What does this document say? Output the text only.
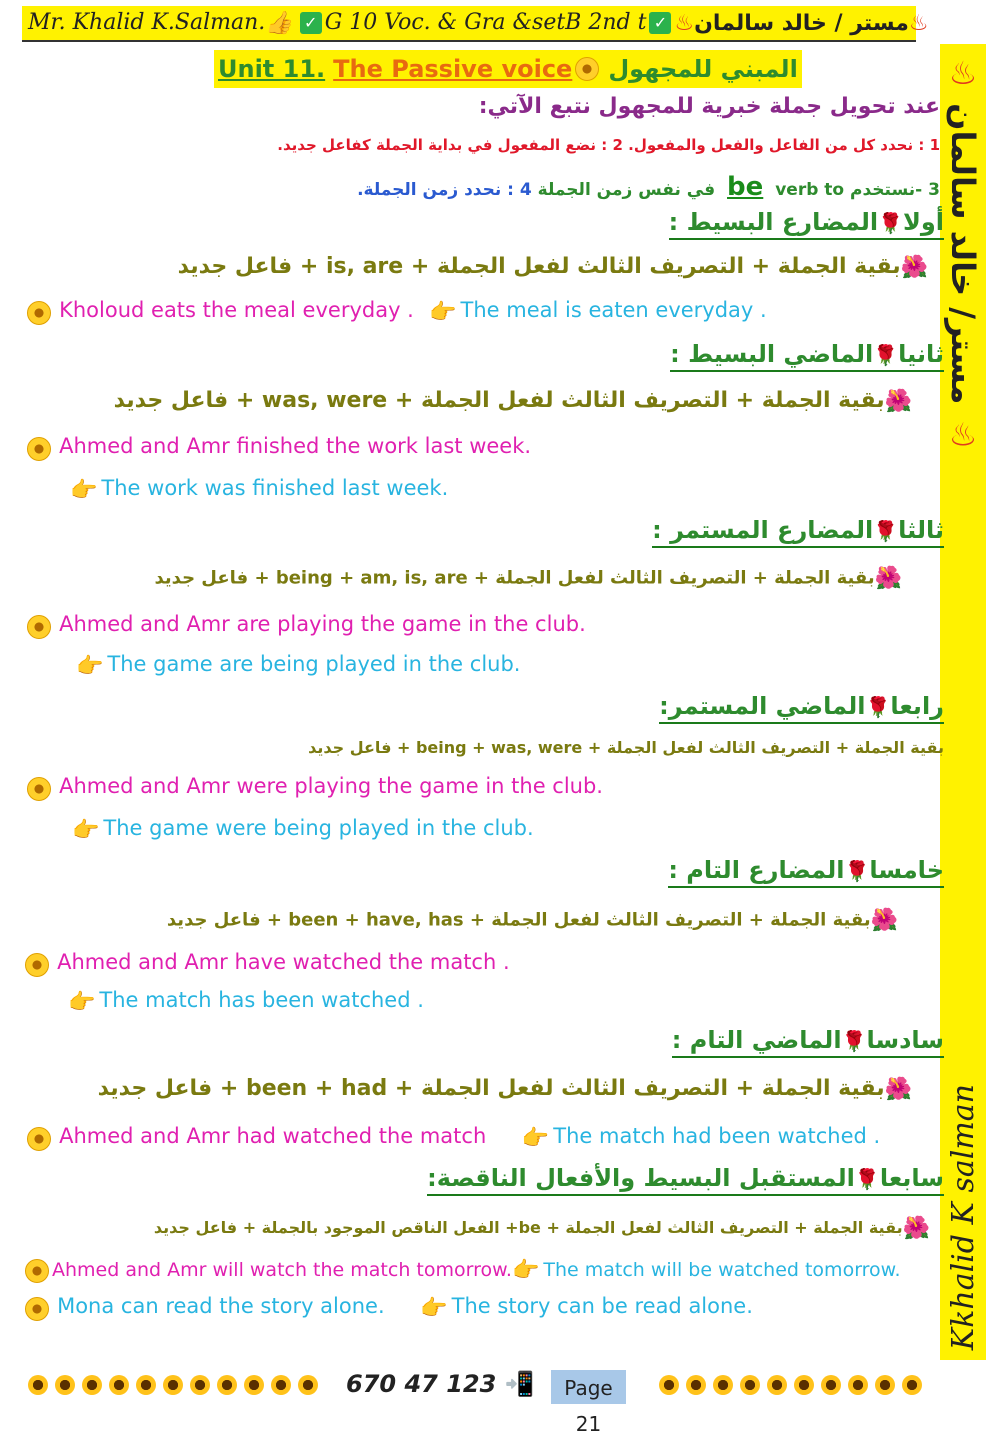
Mr. Khalid K.Salman.👍 ✓ G 10 Voc. & Gra &setB 2nd t ✓	♨مستر / خالد سالمان♨
♨ مستر/ خالد سالمان ♨
Kkhalid K salman
Unit 11. The Passive voice المبني للمجهول
عند تحويل جملة خبرية للمجهول نتبع الآتي:
1 : نحدد كل من الفاعل والفعل والمفعول. 2 : نضع المفعول في بداية الجملة كفاعل جديد.
3 -نستخدم be verb to في نفس زمن الجملة 4 : نحدد زمن الجملة.
أولا🌹المضارع البسيط :
🌺بقية الجملة + التصريف الثالث لفعل الجملة + is, are + فاعل جديد
Kholoud eats the meal everyday . 👉 The meal is eaten everyday .
ثانيا🌹الماضي البسيط :
🌺بقية الجملة + التصريف الثالث لفعل الجملة + was, were + فاعل جديد
Ahmed and Amr finished the work last week.
👉 The work was finished last week.
ثالثا🌹المضارع المستمر :
🌺بقية الجملة + التصريف الثالث لفعل الجملة + being + am, is, are + فاعل جديد
Ahmed and Amr are playing the game in the club.
👉 The game are being played in the club.
رابعا🌹الماضي المستمر:
بقية الجملة + التصريف الثالث لفعل الجملة + being + was, were + فاعل جديد
Ahmed and Amr were playing the game in the club.
👉 The game were being played in the club.
خامسا🌹المضارع التام :
🌺بقية الجملة + التصريف الثالث لفعل الجملة + been + have, has + فاعل جديد
Ahmed and Amr have watched the match .
👉 The match has been watched .
سادسا🌹الماضي التام :
🌺بقية الجملة + التصريف الثالث لفعل الجملة + been + had + فاعل جديد
Ahmed and Amr had watched the match 👉 The match had been watched .
سابعا🌹المستقبل البسيط والأفعال الناقصة:
🌺بقية الجملة + التصريف الثالث لفعل الجملة + be+ الفعل الناقص الموجود بالجملة + فاعل جديد
Ahmed and Amr will watch the match tomorrow.👉 The match will be watched tomorrow.
Mona can read the story alone. 👉 The story can be read alone.
670 47 123 📲	Page 21
